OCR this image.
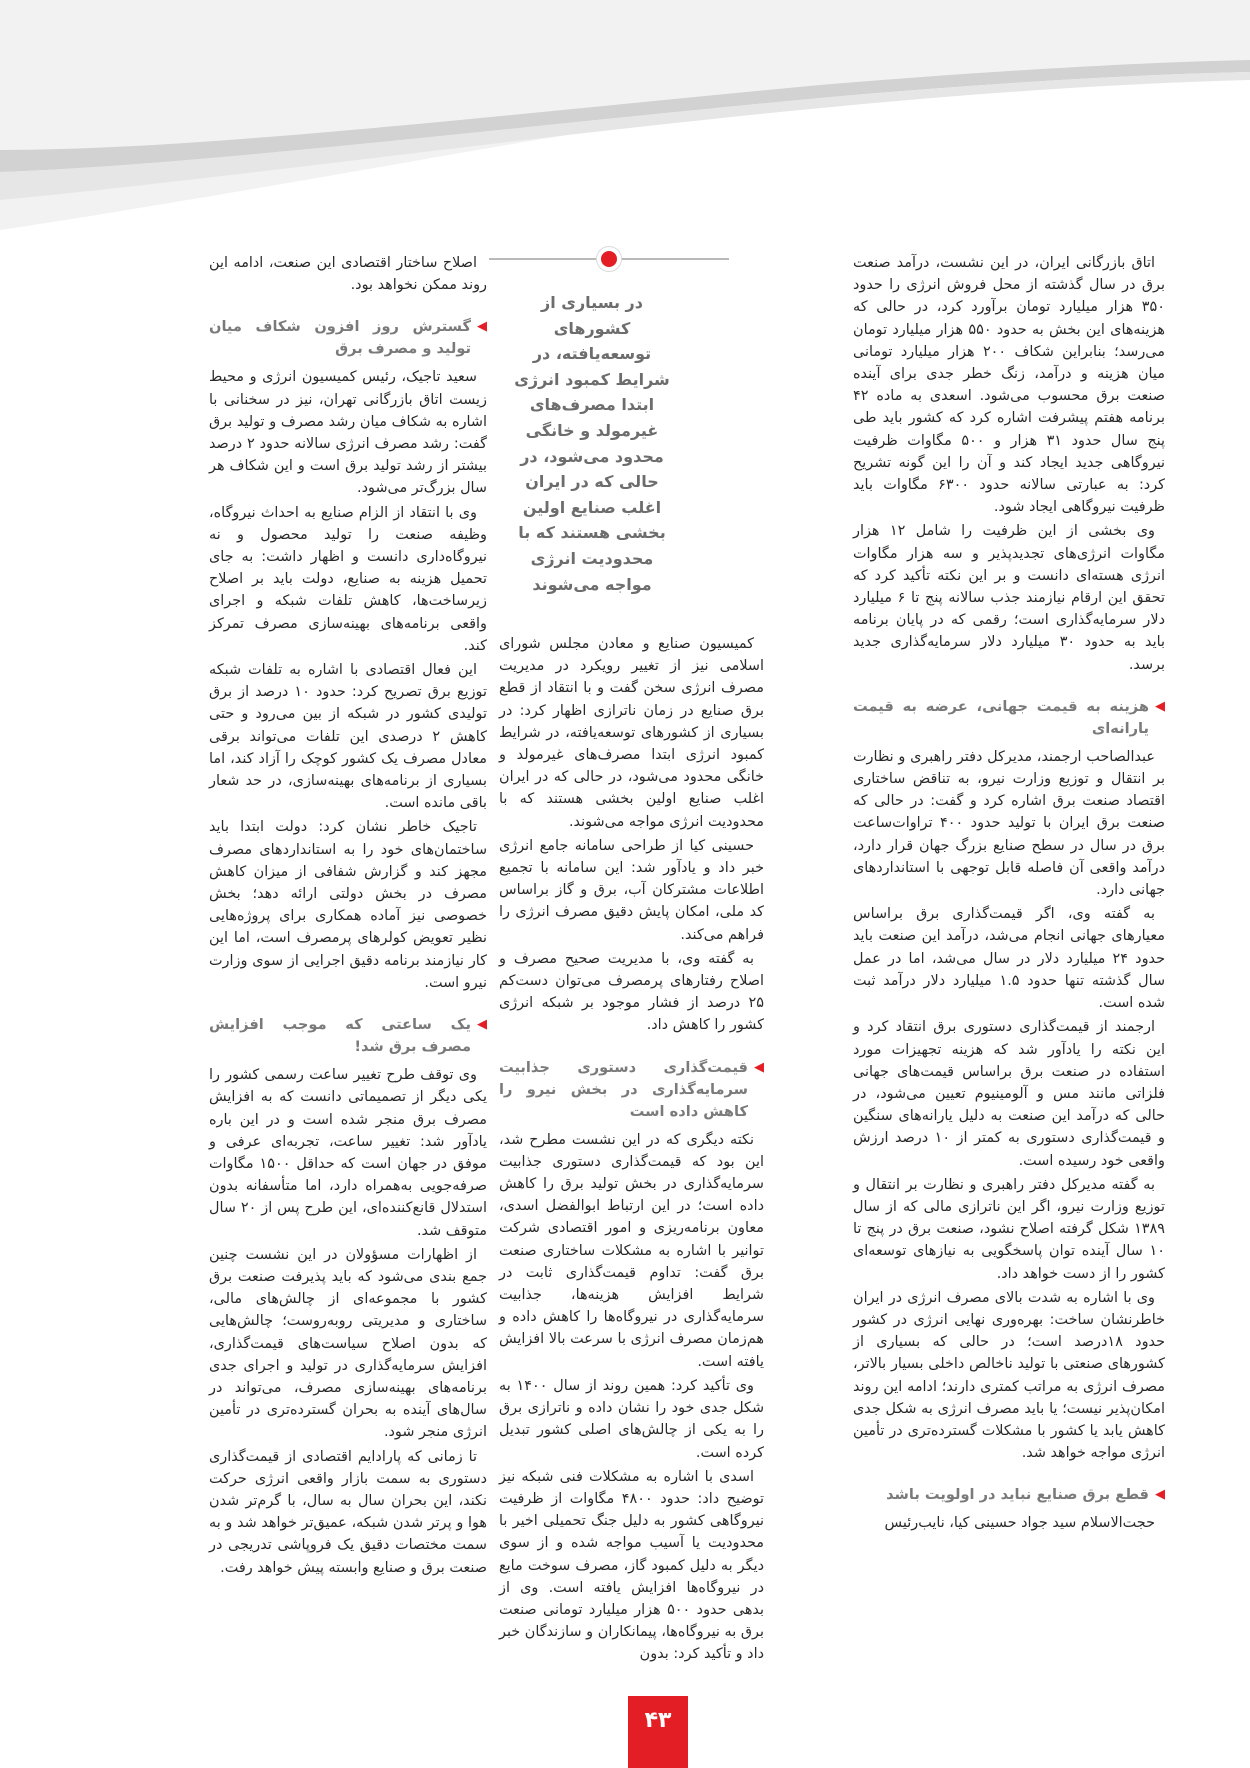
در بسیاری از کشورهای توسعه‌یافته، در شرایط کمبود انرژی ابتدا مصرف‌های غیرمولد و خانگی محدود می‌شود، در حالی که در ایران اغلب صنایع اولین بخشی هستند که با محدودیت انرژی مواجه می‌شوند

اتاق بازرگانی ایران، در این نشست، درآمد صنعت برق در سال گذشته از محل فروش انرژی را حدود ۳۵۰ هزار میلیارد تومان برآورد کرد، در حالی که هزینه‌های این بخش به حدود ۵۵۰ هزار میلیارد تومان می‌رسد؛ بنابراین شکاف ۲۰۰ هزار میلیارد تومانی میان هزینه و درآمد، زنگ خطر جدی برای آینده صنعت برق محسوب می‌شود. اسعدی به ماده ۴۲ برنامه هفتم پیشرفت اشاره کرد که کشور باید طی پنج سال حدود ۳۱ هزار و ۵۰۰ مگاوات ظرفیت نیروگاهی جدید ایجاد کند و آن را این گونه تشریح کرد: به عبارتی سالانه حدود ۶۳۰۰ مگاوات باید ظرفیت نیروگاهی ایجاد شود.

وی بخشی از این ظرفیت را شامل ۱۲ هزار مگاوات انرژی‌های تجدیدپذیر و سه هزار مگاوات انرژی هسته‌ای دانست و بر این نکته تأکید کرد که تحقق این ارقام نیازمند جذب سالانه پنج تا ۶ میلیارد دلار سرمایه‌گذاری است؛ رقمی که در پایان برنامه باید به حدود ۳۰ میلیارد دلار سرمایه‌گذاری جدید برسد.

◀
هزینه به قیمت جهانی، عرضه به قیمت یارانه‌ای

عبدالصاحب ارجمند، مدیرکل دفتر راهبری و نظارت بر انتقال و توزیع وزارت نیرو، به تناقض ساختاری اقتصاد صنعت برق اشاره کرد و گفت: در حالی که صنعت برق ایران با تولید حدود ۴۰۰ تراوات‌ساعت برق در سال در سطح صنایع بزرگ جهان قرار دارد، درآمد واقعی آن فاصله قابل توجهی با استانداردهای جهانی دارد.

به گفته وی، اگر قیمت‌گذاری برق براساس معیارهای جهانی انجام می‌شد، درآمد این صنعت باید حدود ۲۴ میلیارد دلار در سال می‌شد، اما در عمل سال گذشته تنها حدود ۱.۵ میلیارد دلار درآمد ثبت شده است.

ارجمند از قیمت‌گذاری دستوری برق انتقاد کرد و این نکته را یادآور شد که هزینه تجهیزات مورد استفاده در صنعت برق براساس قیمت‌های جهانی فلزاتی مانند مس و آلومینیوم تعیین می‌شود، در حالی که درآمد این صنعت به دلیل یارانه‌های سنگین و قیمت‌گذاری دستوری به کمتر از ۱۰ درصد ارزش واقعی خود رسیده است.

به گفته مدیرکل دفتر راهبری و نظارت بر انتقال و توزیع وزارت نیرو، اگر این ناترازی مالی که از سال ۱۳۸۹ شکل گرفته اصلاح نشود، صنعت برق در پنج تا ۱۰ سال آینده توان پاسخگویی به نیازهای توسعه‌ای کشور را از دست خواهد داد.

وی با اشاره به شدت بالای مصرف انرژی در ایران خاطرنشان ساخت: بهره‌وری نهایی انرژی در کشور حدود ۱۸درصد است؛ در حالی که بسیاری از کشورهای صنعتی با تولید ناخالص داخلی بسیار بالاتر، مصرف انرژی به مراتب کمتری دارند؛ ادامه این روند امکان‌پذیر نیست؛ یا باید مصرف انرژی به شکل جدی کاهش یابد یا کشور با مشکلات گسترده‌تری در تأمین انرژی مواجه خواهد شد.

◀
قطع برق صنایع نباید در اولویت باشد

حجت‌الاسلام سید جواد حسینی کیا، نایب‌رئیس

کمیسیون صنایع و معادن مجلس شورای اسلامی نیز از تغییر رویکرد در مدیریت مصرف انرژی سخن گفت و با انتقاد از قطع برق صنایع در زمان ناترازی اظهار کرد: در بسیاری از کشورهای توسعه‌یافته، در شرایط کمبود انرژی ابتدا مصرف‌های غیرمولد و خانگی محدود می‌شود، در حالی که در ایران اغلب صنایع اولین بخشی هستند که با محدودیت انرژی مواجه می‌شوند.

حسینی کیا از طراحی سامانه جامع انرژی خبر داد و یادآور شد: این سامانه با تجمیع اطلاعات مشترکان آب، برق و گاز براساس کد ملی، امکان پایش دقیق مصرف انرژی را فراهم می‌کند.

به گفته وی، با مدیریت صحیح مصرف و اصلاح رفتارهای پرمصرف می‌توان دست‌کم ۲۵ درصد از فشار موجود بر شبکه انرژی کشور را کاهش داد.

◀
قیمت‌گذاری دستوری جذابیت سرمایه‌گذاری در بخش نیرو را کاهش داده است

نکته دیگری که در این نشست مطرح شد، این بود که قیمت‌گذاری دستوری جذابیت سرمایه‌گذاری در بخش تولید برق را کاهش داده است؛ در این ارتباط ابوالفضل اسدی، معاون برنامه‌ریزی و امور اقتصادی شرکت توانیر با اشاره به مشکلات ساختاری صنعت برق گفت: تداوم قیمت‌گذاری ثابت در شرایط افزایش هزینه‌ها، جذابیت سرمایه‌گذاری در نیروگاه‌ها را کاهش داده و هم‌زمان مصرف انرژی با سرعت بالا افزایش یافته است.

وی تأکید کرد: همین روند از سال ۱۴۰۰ به شکل جدی خود را نشان داده و ناترازی برق را به یکی از چالش‌های اصلی کشور تبدیل کرده است.

اسدی با اشاره به مشکلات فنی شبکه نیز توضیح داد: حدود ۴۸۰۰ مگاوات از ظرفیت نیروگاهی کشور به دلیل جنگ تحمیلی اخیر با محدودیت یا آسیب مواجه شده و از سوی دیگر به دلیل کمبود گاز، مصرف سوخت مایع در نیروگاه‌ها افزایش یافته است. وی از بدهی حدود ۵۰۰ هزار میلیارد تومانی صنعت برق به نیروگاه‌ها، پیمانکاران و سازندگان خبر داد و تأکید کرد: بدون

اصلاح ساختار اقتصادی این صنعت، ادامه این روند ممکن نخواهد بود.

◀
گسترش روز افزون شکاف میان تولید و مصرف برق

سعید تاجیک، رئیس کمیسیون انرژی و محیط زیست اتاق بازرگانی تهران، نیز در سخنانی با اشاره به شکاف میان رشد مصرف و تولید برق گفت: رشد مصرف انرژی سالانه حدود ۲ درصد بیشتر از رشد تولید برق است و این شکاف هر سال بزرگ‌تر می‌شود.

وی با انتقاد از الزام صنایع به احداث نیروگاه، وظیفه صنعت را تولید محصول و نه نیروگاه‌داری دانست و اظهار داشت: به جای تحمیل هزینه به صنایع، دولت باید بر اصلاح زیرساخت‌ها، کاهش تلفات شبکه و اجرای واقعی برنامه‌های بهینه‌سازی مصرف تمرکز کند.

این فعال اقتصادی با اشاره به تلفات شبکه توزیع برق تصریح کرد: حدود ۱۰ درصد از برق تولیدی کشور در شبکه از بین می‌رود و حتی کاهش ۲ درصدی این تلفات می‌تواند برقی معادل مصرف یک کشور کوچک را آزاد کند، اما بسیاری از برنامه‌های بهینه‌سازی، در حد شعار باقی مانده است.

تاجیک خاطر نشان کرد: دولت ابتدا باید ساختمان‌های خود را به استانداردهای مصرف مجهز کند و گزارش شفافی از میزان کاهش مصرف در بخش دولتی ارائه دهد؛ بخش خصوصی نیز آماده همکاری برای پروژه‌هایی نظیر تعویض کولرهای پرمصرف است، اما این کار نیازمند برنامه دقیق اجرایی از سوی وزارت نیرو است.

◀
یک ساعتی که موجب افزایش مصرف برق شد!

وی توقف طرح تغییر ساعت رسمی کشور را یکی دیگر از تصمیماتی دانست که به افزایش مصرف برق منجر شده است و در این باره یادآور شد: تغییر ساعت، تجربه‌ای عرفی و موفق در جهان است که حداقل ۱۵۰۰ مگاوات صرفه‌جویی به‌همراه دارد، اما متأسفانه بدون استدلال قانع‌کننده‌ای، این طرح پس از ۲۰ سال متوقف شد.

از اظهارات مسؤولان در این نشست چنین جمع بندی می‌شود که باید پذیرفت صنعت برق کشور با مجموعه‌ای از چالش‌های مالی، ساختاری و مدیریتی روبه‌روست؛ چالش‌هایی که بدون اصلاح سیاست‌های قیمت‌گذاری، افزایش سرمایه‌گذاری در تولید و اجرای جدی برنامه‌های بهینه‌سازی مصرف، می‌تواند در سال‌های آینده به بحران گسترده‌تری در تأمین انرژی منجر شود.

تا زمانی که پارادایم اقتصادی از قیمت‌گذاری دستوری به سمت بازار واقعی انرژی حرکت نکند، این بحران سال به سال، با گرم‌تر شدن هوا و پرتر شدن شبکه، عمیق‌تر خواهد شد و به سمت مختصات دقیق یک فروپاشی تدریجی در صنعت برق و صنایع وابسته پیش خواهد رفت.

۴۳
